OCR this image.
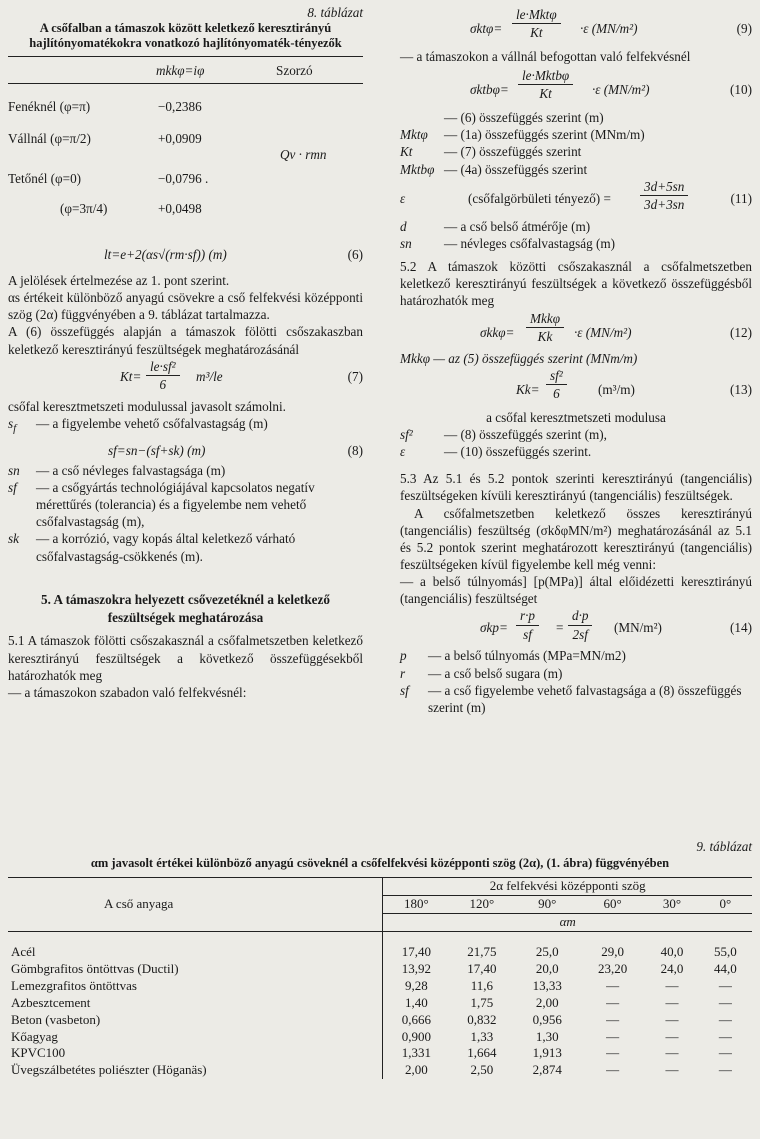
8. táblázat
A csőfalban a támaszok között keletkező keresztirányú hajlítónyomatékokra vonatkozó hajlítónyomaték-tényezők
mkkφ=iφ	Szorzó
Fenéknél (φ=π)	−0,2386
Vállnál (φ=π/2)	+0,0909
Qv · rmn
Tetőnél (φ=0)	−0,0796 .
(φ=3π/4)	+0,0498
lt=e+2(αs√(rm·sf)) (m)	(6)

A jelölések értelmezése az 1. pont szerint.

αs értékeit különböző anyagú csövekre a cső felfekvési középponti szög (2α) függvényében a 9. táblázat tartalmazza.

A (6) összefüggés alapján a támaszok fölötti csőszakaszban keletkező keresztirányú feszültségek meghatározásánál

$Kt= \frac{\text{le·sf²}}{6} m^3/le$	(7)

csőfal keresztmetszeti modulussal javasolt számolni.

$s_f$	— a figyelembe vehető csőfalvastagság (m)
sf=sn−(sf+sk) (m)	(8)
sn	— a cső névleges falvastagsága (m)
sf	— a csőgyártás technológiájával kapcsolatos negatív mérettűrés (tolerancia) és a figyelembe nem vehető csőfalvastagság (m),
sk	— a korrózió, vagy kopás által keletkező várható csőfalvastagság-csökkenés (m).
5. A támaszokra helyezett csővezetéknél a keletkező feszültségek meghatározása

5.1 A támaszok fölötti csőszakasznál a csőfalmetszetben keletkező keresztirányú feszültségek a következő összefüggésekből határozhatók meg

— a támaszokon szabadon való felfekvésnél:

σktφ=
le·Mktφ
Kt	·ε (MN/m²)	(9)

— a támaszokon a vállnál befogottan való felfekvésnél

σktbφ=
le·Mktbφ
Kt	·ε (MN/m²)	(10)
— (6) összefüggés szerint (m)
Mktφ	— (1a) összefüggés szerint (MNm/m)
Kt	— (7) összefüggés szerint
Mktbφ — (4a) összefüggés szerint
ε	(csőfalgörbületi tényező) = $\frac{3d+5sn}{3d+3sn}$	(11)
d	— a cső belső átmérője (m)
sn	— névleges csőfalvastagság (m)

5.2 A támaszok közötti csőszakasznál a csőfalmetszetben keletkező keresztirányú feszültségek a következő összefüggésből határozhatók meg

σkkφ=
Mkkφ
Kk	·ε (MN/m²)	(12)
Mkkφ — az (5) összefüggés szerint (MNm/m)
$Kk= \frac{\text{sf²}}{6} (m^3/m)$	(13)
a csőfal keresztmetszeti modulusa
sf²	— (8) összefüggés szerint (m),
ε	— (10) összefüggés szerint.

5.3 Az 5.1 és 5.2 pontok szerinti keresztirányú (tangenciális) feszültségeken kívüli keresztirányú (tangenciális) feszültségek.

A csőfalmetszetben keletkező összes keresztirányú (tangenciális) feszültség (σkδφMN/m²) meghatározásánál az 5.1 és 5.2 pontok szerint meghatározott keresztirányú (tangenciális) feszültségeken kívül figyelembe kell még venni:

— a belső túlnyomás] [p(MPa)] által előidézetti keresztirányú (tangenciális) feszültséget

$\sigma kp= \frac{r\cdot p}{sf} = \frac{d\cdot p}{2sf} (MN/m^2)$	(14)
p	— a belső túlnyomás (MPa=MN/m2)
r	— a cső belső sugara (m)
sf	— a cső figyelembe vehető falvastagsága a (8) összefüggés szerint (m)
9. táblázat
αm javasolt értékei különböző anyagú csöveknél a csőfelfekvési középponti szög (2α), (1. ábra) függvényében
A cső anyaga	2α felfekvési középponti szög					
	180°	120°	90°	60°	30°	0°
	αm					
Acél	17,40	21,75	25,0	29,0	40,0	55,0
Gömbgrafitos öntöttvas (Ductil)	13,92	17,40	20,0	23,20	24,0	44,0
Lemezgrafitos öntöttvas	9,28	11,6	13,33	—	—	—
Azbesztcement	1,40	1,75	2,00	—	—	—
Beton (vasbeton)	0,666	0,832	0,956	—	—	—
Kőagyag	0,900	1,33	1,30	—	—	—
KPVC100	1,331	1,664	1,913	—	—	—
Üvegszálbetétes poliészter (Höganäs)	2,00	2,50	2,874	—	—	—
